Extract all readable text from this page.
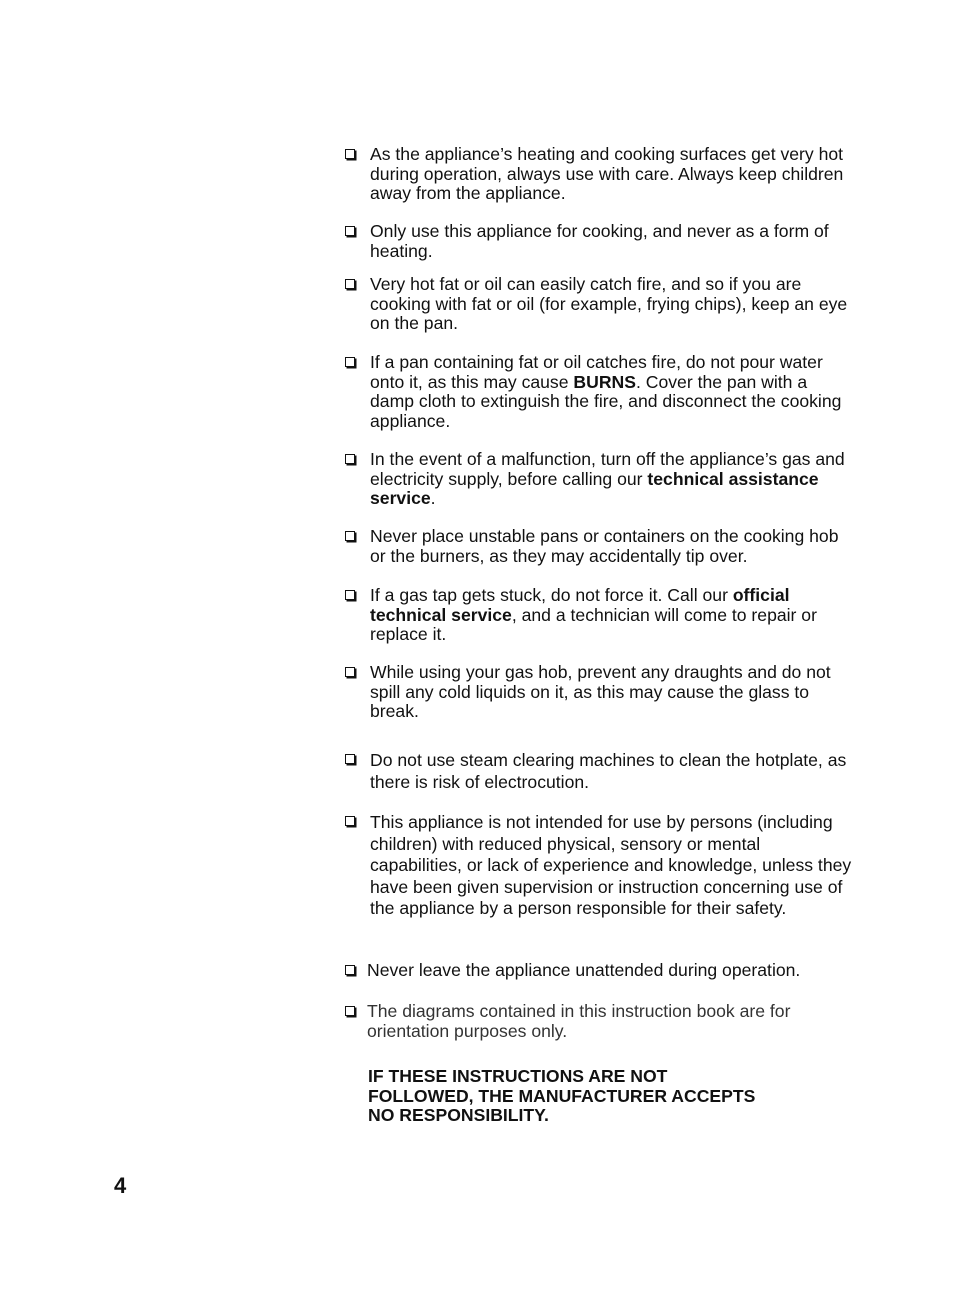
As the appliance’s heating and cooking surfaces get very hot during operation, always use with care. Always keep children away from the appliance.
Only use this appliance for cooking, and never as a form of heating.
Very hot fat or oil can easily catch fire, and so if you are cooking with fat or oil (for example, frying chips), keep an eye on the pan.
If a pan containing fat or oil catches fire, do not pour water onto it, as this may cause BURNS. Cover the pan with a damp cloth to extinguish the fire, and disconnect the cooking appliance.
In the event of a malfunction, turn off the appliance’s gas and electricity supply, before calling our technical assistance service.
Never place unstable pans or containers on the cooking hob or the burners, as they may accidentally tip over.
If a gas tap gets stuck, do not force it. Call our official technical service, and a technician will come to repair or replace it.
While using your gas hob, prevent any draughts and do not spill any cold liquids on it, as this may cause the glass to break.
Do not use steam clearing machines to clean the hotplate, as there is risk of electrocution.
This appliance is not intended for use by persons (including children) with reduced physical, sensory or mental capabilities, or lack of experience and knowledge, unless they have been given supervision or instruction concerning use of the appliance by a person responsible for their safety.
Never leave the appliance unattended during operation.
The diagrams contained in this instruction book are for orientation purposes only.
IF THESE INSTRUCTIONS ARE NOT FOLLOWED, THE MANUFACTURER ACCEPTS NO RESPONSIBILITY.
4
